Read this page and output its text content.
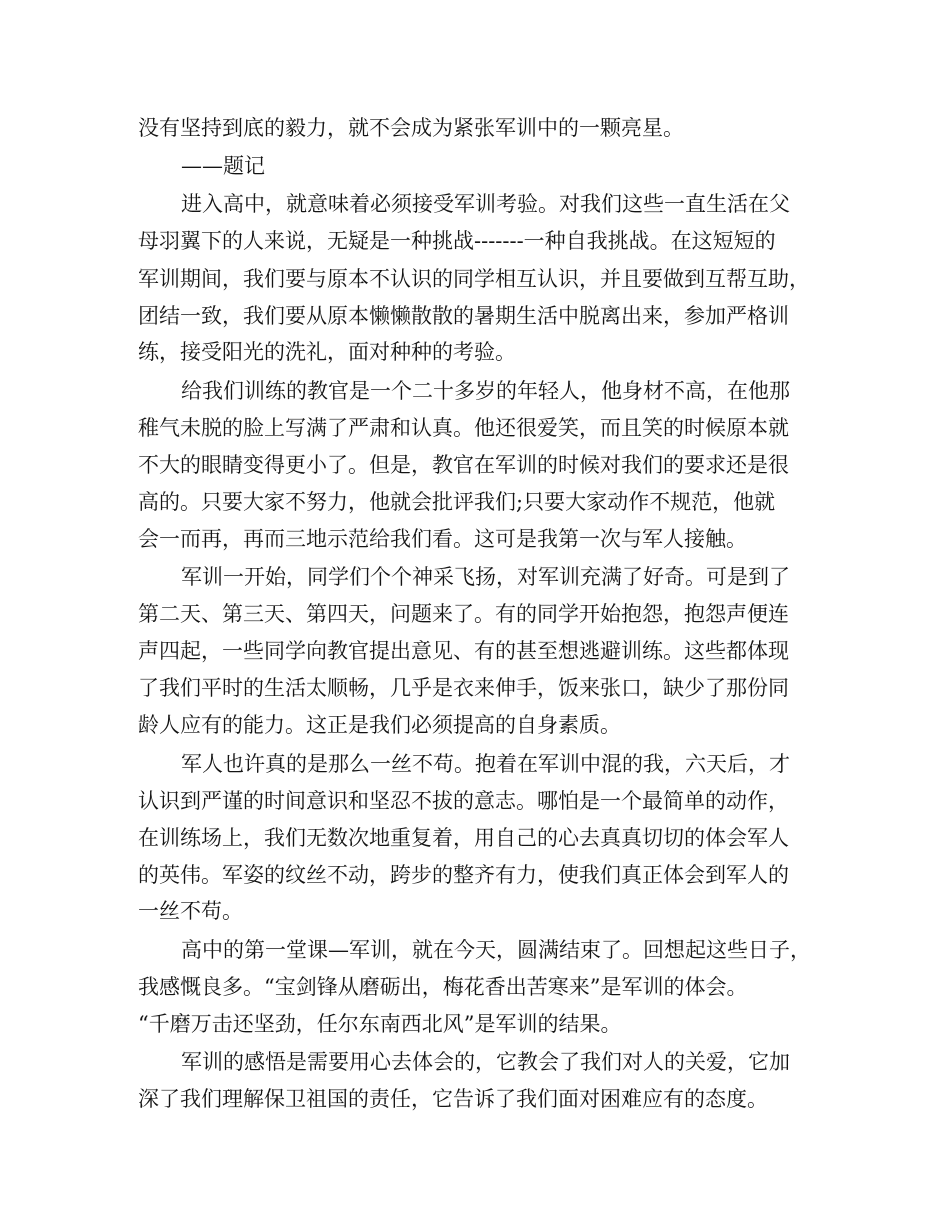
没有坚持到底的毅力，就不会成为紧张军训中的一颗亮星。
——题记
进入高中，就意味着必须接受军训考验。对我们这些一直生活在父
母羽翼下的人来说，无疑是一种挑战-------一种自我挑战。在这短短的
军训期间，我们要与原本不认识的同学相互认识，并且要做到互帮互助，
团结一致，我们要从原本懒懒散散的暑期生活中脱离出来，参加严格训
练，接受阳光的洗礼，面对种种的考验。
给我们训练的教官是一个二十多岁的年轻人，他身材不高，在他那
稚气未脱的脸上写满了严肃和认真。他还很爱笑，而且笑的时候原本就
不大的眼睛变得更小了。但是，教官在军训的时候对我们的要求还是很
高的。只要大家不努力，他就会批评我们;只要大家动作不规范，他就
会一而再，再而三地示范给我们看。这可是我第一次与军人接触。
军训一开始，同学们个个神采飞扬，对军训充满了好奇。可是到了
第二天、第三天、第四天，问题来了。有的同学开始抱怨，抱怨声便连
声四起，一些同学向教官提出意见、有的甚至想逃避训练。这些都体现
了我们平时的生活太顺畅，几乎是衣来伸手，饭来张口，缺少了那份同
龄人应有的能力。这正是我们必须提高的自身素质。
军人也许真的是那么一丝不苟。抱着在军训中混的我，六天后，才
认识到严谨的时间意识和坚忍不拔的意志。哪怕是一个最简单的动作，
在训练场上，我们无数次地重复着，用自己的心去真真切切的体会军人
的英伟。军姿的纹丝不动，跨步的整齐有力，使我们真正体会到军人的
一丝不苟。
高中的第一堂课—军训，就在今天，圆满结束了。回想起这些日子，
我感慨良多。“宝剑锋从磨砺出，梅花香出苦寒来”是军训的体会。
“千磨万击还坚劲，任尔东南西北风”是军训的结果。
军训的感悟是需要用心去体会的，它教会了我们对人的关爱，它加
深了我们理解保卫祖国的责任，它告诉了我们面对困难应有的态度。
